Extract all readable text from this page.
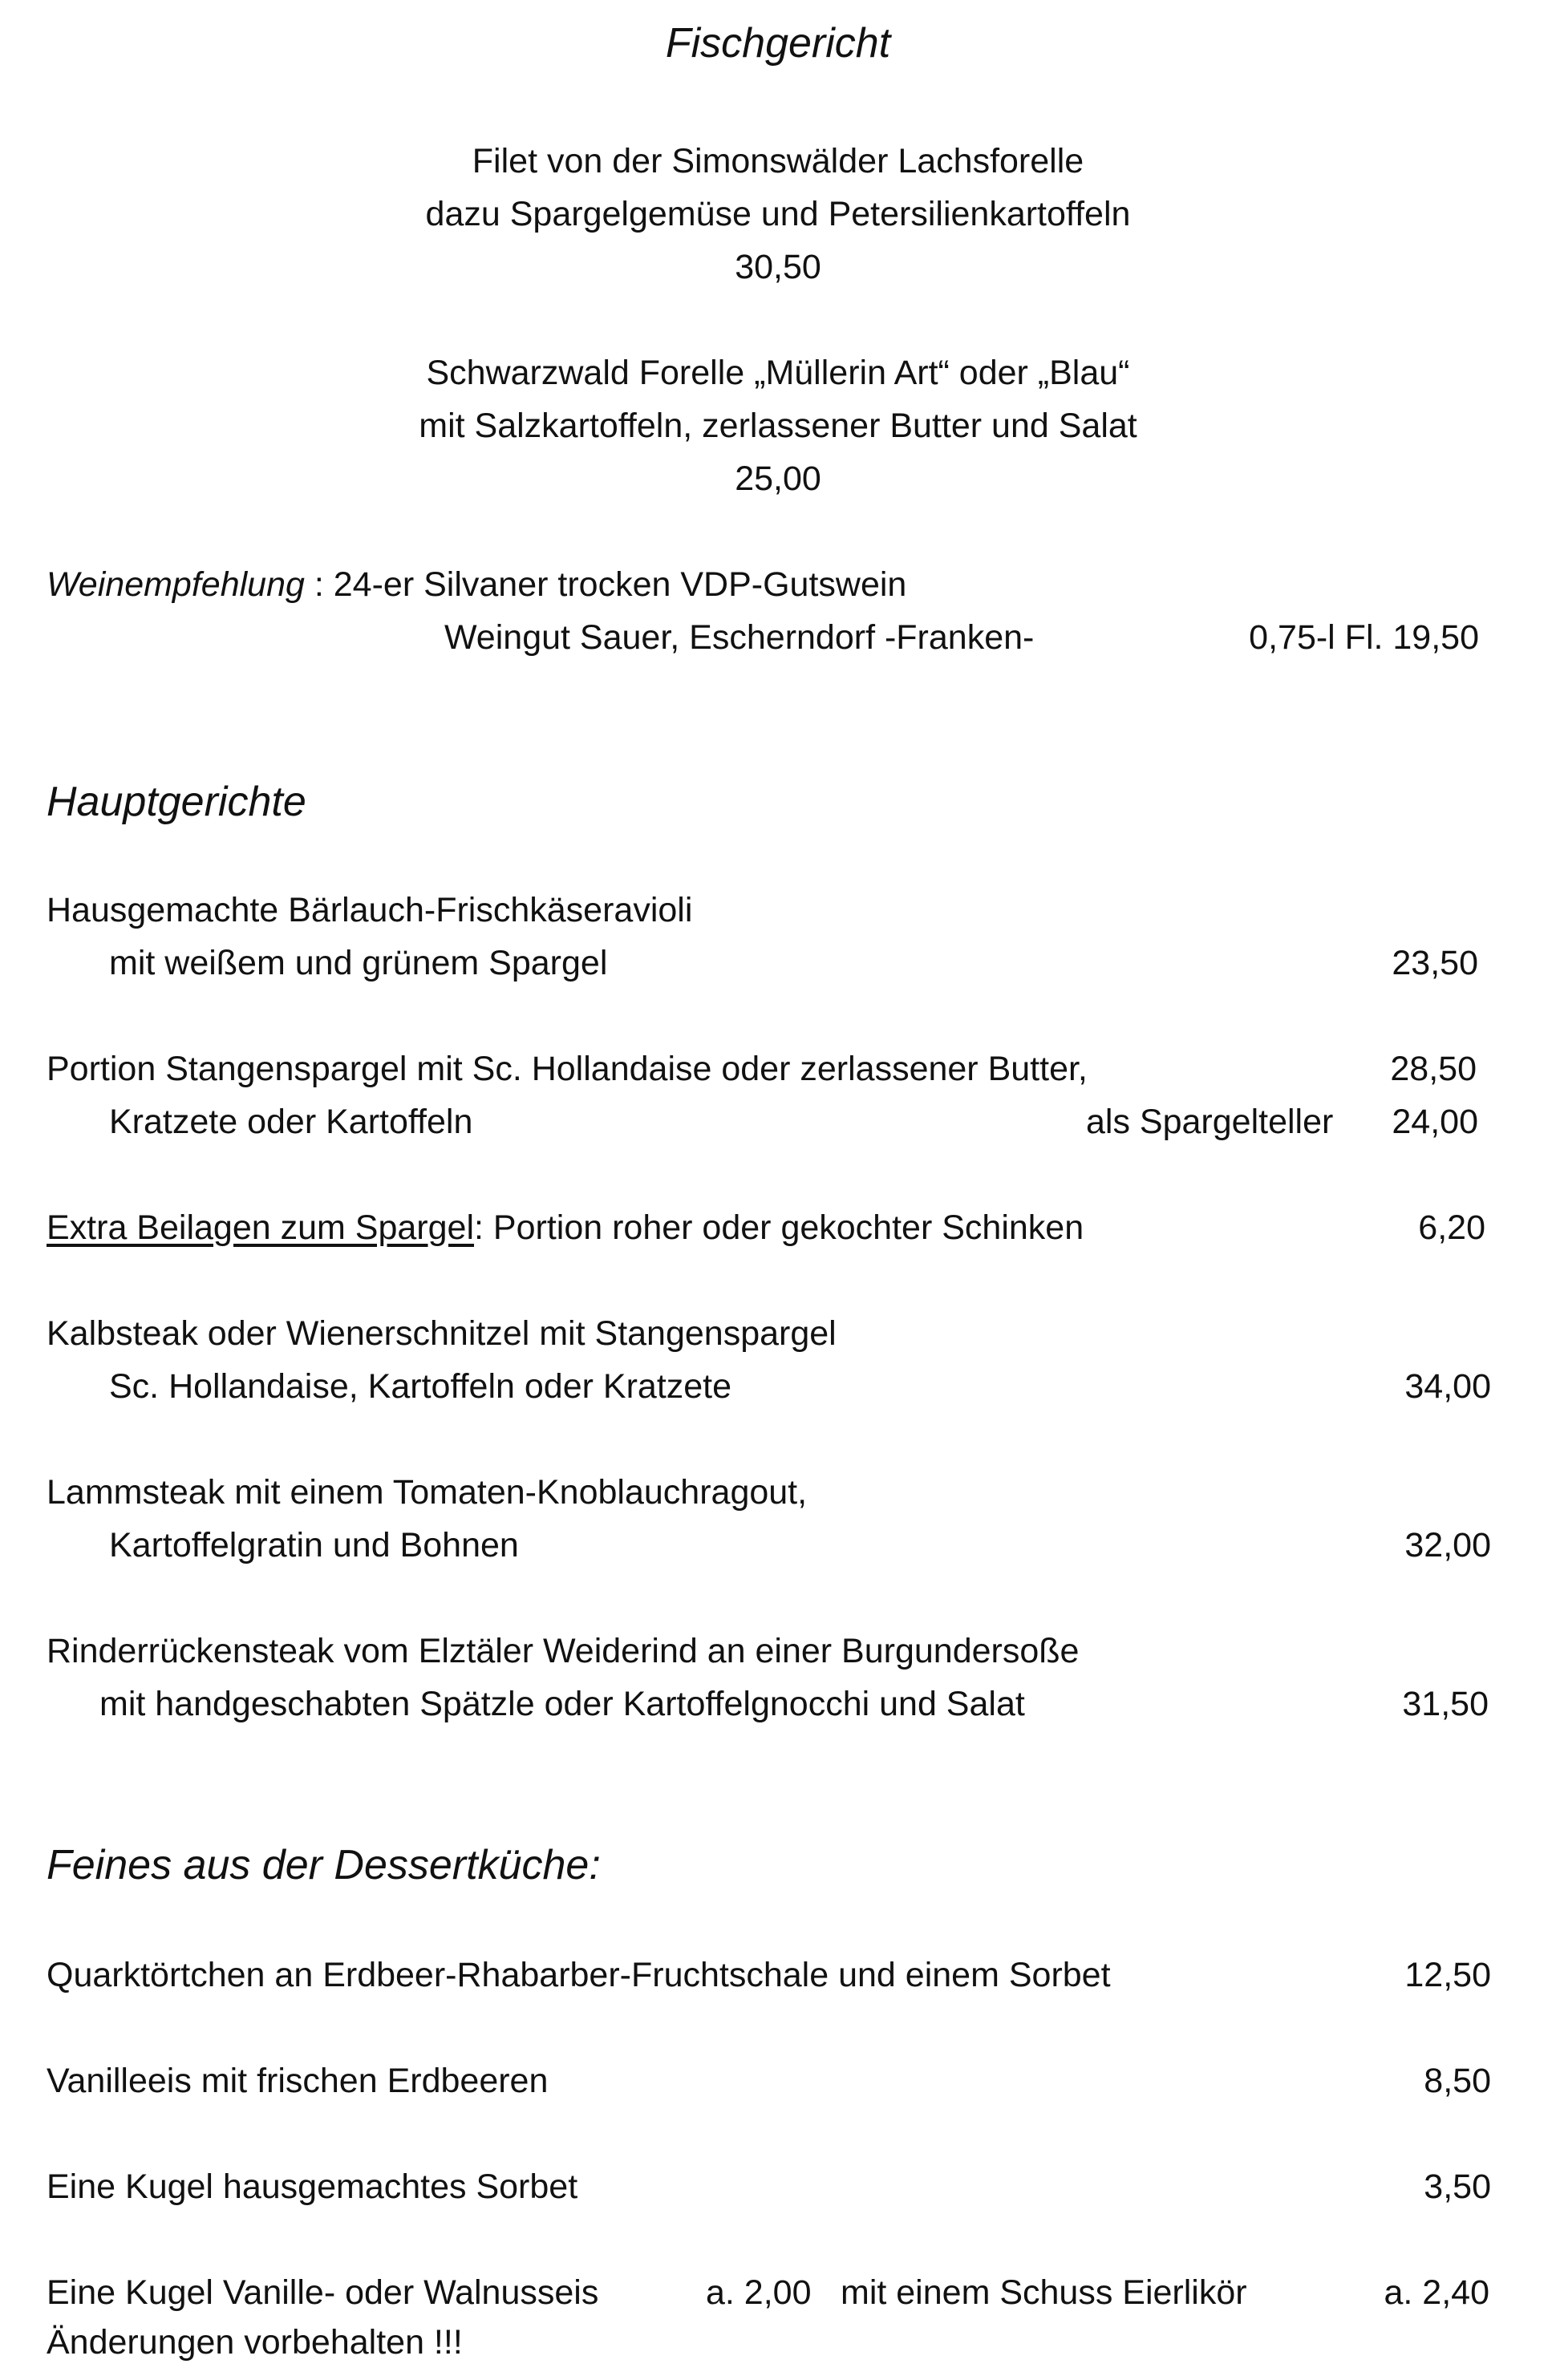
Fischgericht
Filet von der Simonswälder Lachsforelle
dazu Spargelgemüse und Petersilienkartoffeln
30,50
Schwarzwald Forelle „Müllerin Art“ oder „Blau“
mit Salzkartoffeln, zerlassener Butter und Salat
25,00
Weinempfehlung : 24-er Silvaner trocken VDP-Gutswein
Weingut Sauer, Escherndorf -Franken-	0,75-l Fl. 19,50
Hauptgerichte
Hausgemachte Bärlauch-Frischkäseravioli
mit weißem und grünem Spargel	23,50
Portion Stangenspargel mit Sc. Hollandaise oder zerlassener Butter,	28,50
Kratzete oder Kartoffeln	als Spargelteller	24,00
Extra Beilagen zum Spargel: Portion roher oder gekochter Schinken	6,20
Kalbsteak oder Wienerschnitzel mit Stangenspargel
Sc. Hollandaise, Kartoffeln oder Kratzete	34,00
Lammsteak mit einem Tomaten-Knoblauchragout,
Kartoffelgratin und Bohnen	32,00
Rinderrückensteak vom Elztäler Weiderind an einer Burgundersoße
mit handgeschabten Spätzle oder Kartoffelgnocchi und Salat	31,50
Feines aus der Dessertküche:
Quarktörtchen an Erdbeer-Rhabarber-Fruchtschale und einem Sorbet	12,50
Vanilleeis mit frischen Erdbeeren	8,50
Eine Kugel hausgemachtes Sorbet	3,50
Eine Kugel Vanille- oder Walnusseis	a. 2,00 mit einem Schuss Eierlikör	a. 2,40
Änderungen vorbehalten !!!
